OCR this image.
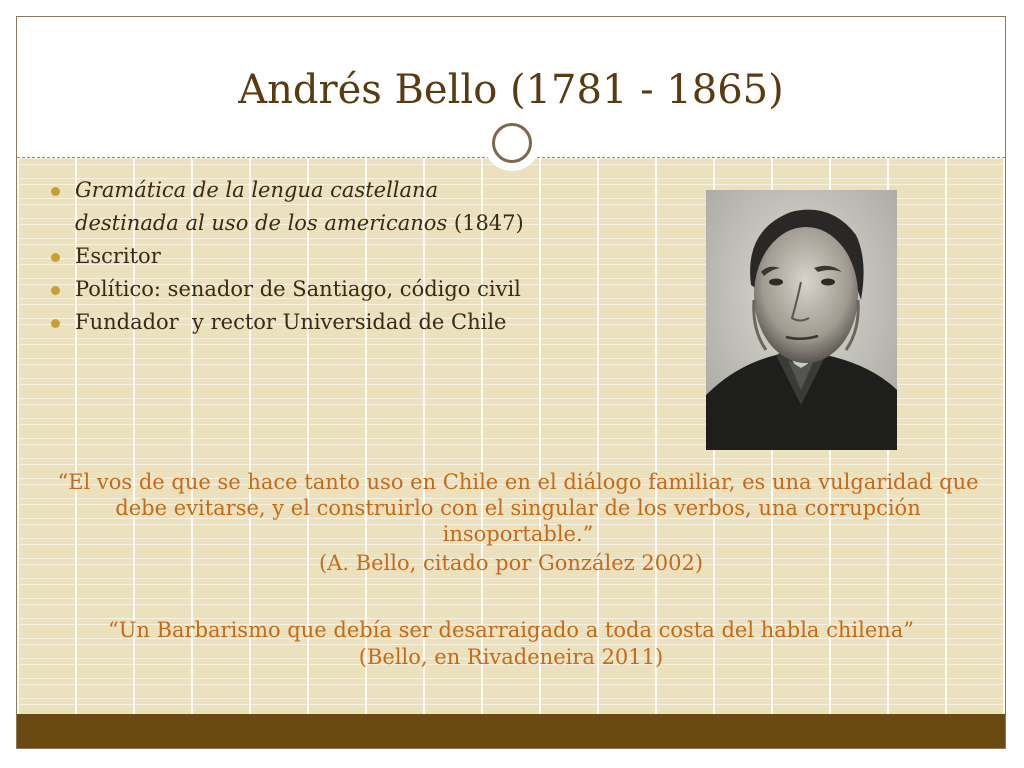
Andrés Bello (1781 - 1865)
Gramática de la lengua castellana
destinada al uso de los americanos (1847)
Escritor
Político: senador de Santiago, código civil
Fundador  y rector Universidad de Chile
“El vos de que se hace tanto uso en Chile en el diálogo familiar, es una vulgaridad que debe evitarse, y el construirlo con el singular de los verbos, una corrupción insoportable.”
(A. Bello, citado por González 2002)
“Un Barbarismo que debía ser desarraigado a toda costa del habla chilena”
(Bello, en Rivadeneira 2011)
